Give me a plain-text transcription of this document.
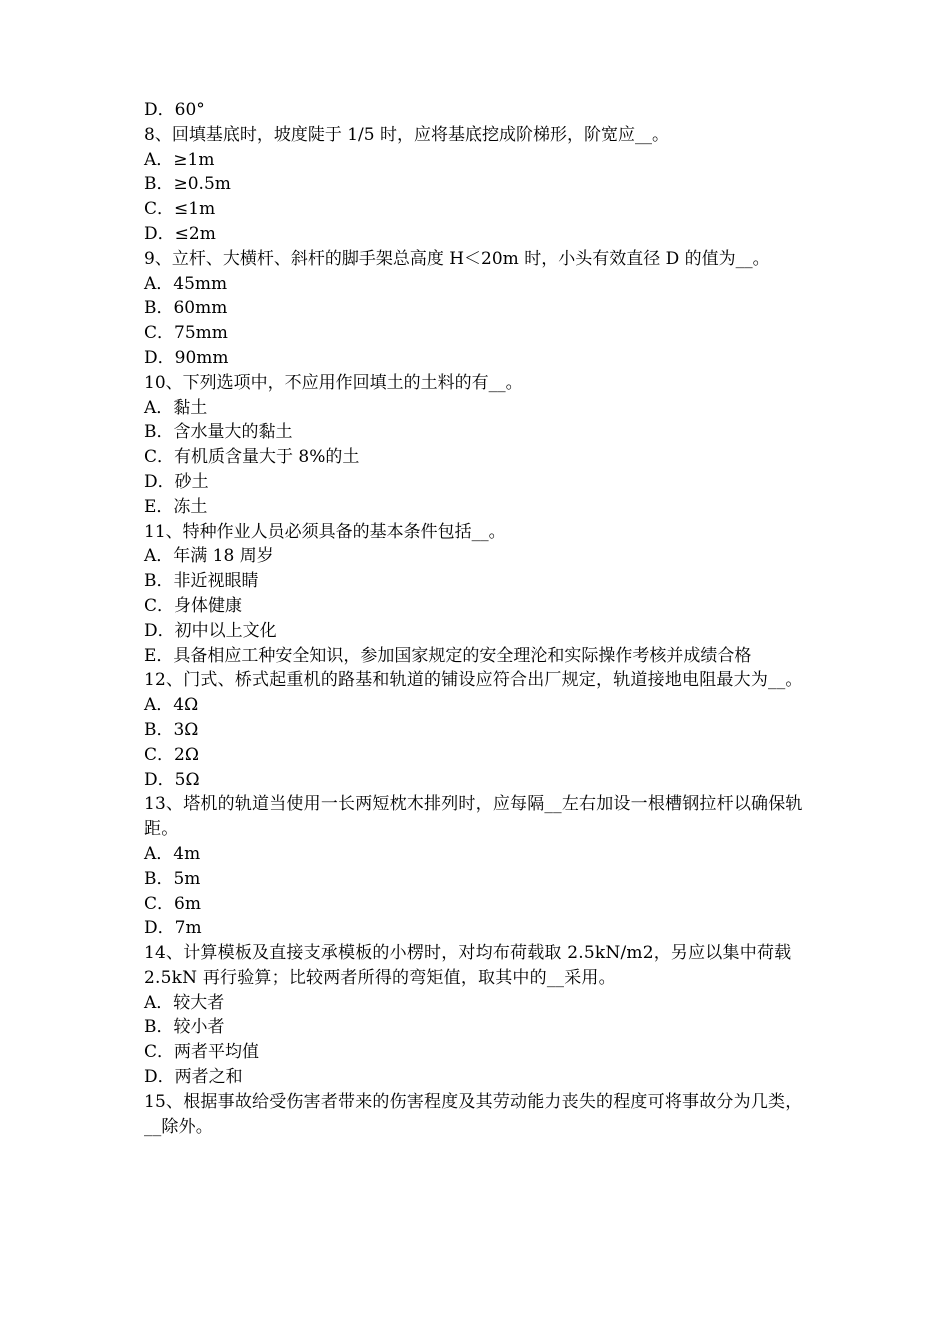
D．60°
8、回填基底时，坡度陡于 1/5 时，应将基底挖成阶梯形，阶宽应__。
A．≥1m
B．≥0.5m
C．≤1m
D．≤2m
9、立杆、大横杆、斜杆的脚手架总高度 H＜20m 时，小头有效直径 D 的值为__。
A．45mm
B．60mm
C．75mm
D．90mm
10、下列选项中，不应用作回填土的土料的有__。
A．黏土
B．含水量大的黏土
C．有机质含量大于 8%的土
D．砂土
E．冻土
11、特种作业人员必须具备的基本条件包括__。
A．年满 18 周岁
B．非近视眼睛
C．身体健康
D．初中以上文化
E．具备相应工种安全知识，参加国家规定的安全理沦和实际操作考核并成绩合格
12、门式、桥式起重机的路基和轨道的铺设应符合出厂规定，轨道接地电阻最大为__。
A．4Ω
B．3Ω
C．2Ω
D．5Ω
13、塔机的轨道当使用一长两短枕木排列时，应每隔__左右加设一根槽钢拉杆以确保轨距。
A．4m
B．5m
C．6m
D．7m
14、计算模板及直接支承模板的小楞时，对均布荷载取 2.5kN/m2，另应以集中荷载 2.5kN 再行验算；比较两者所得的弯矩值，取其中的__采用。
A．较大者
B．较小者
C．两者平均值
D．两者之和
15、根据事故给受伤害者带来的伤害程度及其劳动能力丧失的程度可将事故分为几类，__除外。
